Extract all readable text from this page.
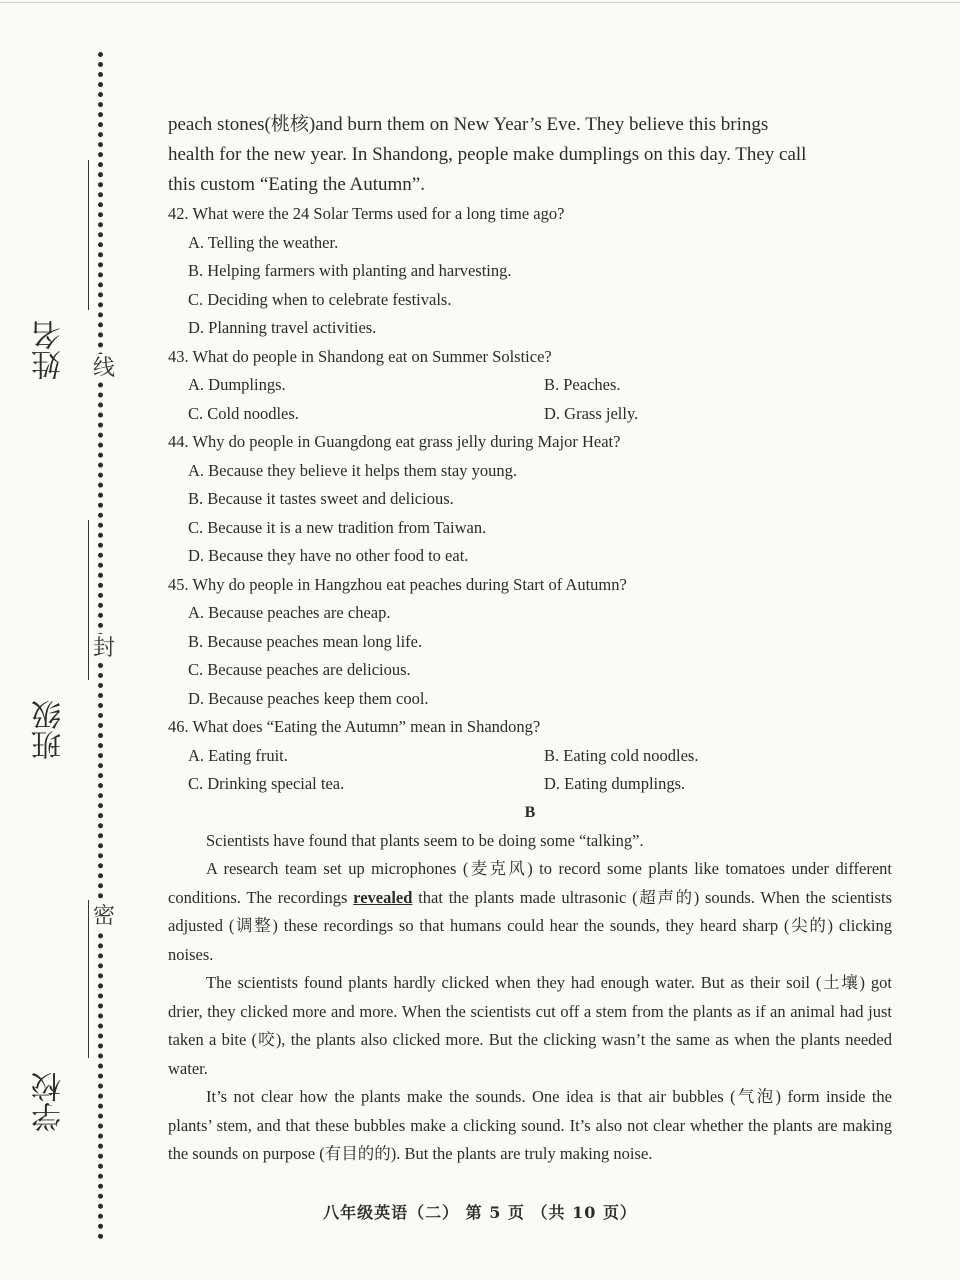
线
封
密
姓名
班级
学校

peach stones(桃核)and burn them on New Year’s Eve. They believe this brings

health for the new year. In Shandong, people make dumplings on this day. They call

this custom “Eating the Autumn”.

42. What were the 24 Solar Terms used for a long time ago?

A. Telling the weather.

B. Helping farmers with planting and harvesting.

C. Deciding when to celebrate festivals.

D. Planning travel activities.

43. What do people in Shandong eat on Summer Solstice?

A. Dumplings.	B. Peaches.
C. Cold noodles.	D. Grass jelly.

44. Why do people in Guangdong eat grass jelly during Major Heat?

A. Because they believe it helps them stay young.

B. Because it tastes sweet and delicious.

C. Because it is a new tradition from Taiwan.

D. Because they have no other food to eat.

45. Why do people in Hangzhou eat peaches during Start of Autumn?

A. Because peaches are cheap.

B. Because peaches mean long life.

C. Because peaches are delicious.

D. Because peaches keep them cool.

46. What does “Eating the Autumn” mean in Shandong?

A. Eating fruit.	B. Eating cold noodles.
C. Drinking special tea.	D. Eating dumplings.

B

Scientists have found that plants seem to be doing some “talking”.

A research team set up microphones (麦克风) to record some plants like tomatoes under different conditions. The recordings revealed that the plants made ultrasonic (超声的) sounds. When the scientists adjusted (调整) these recordings so that humans could hear the sounds, they heard sharp (尖的) clicking noises.

The scientists found plants hardly clicked when they had enough water. But as their soil (土壤) got drier, they clicked more and more. When the scientists cut off a stem from the plants as if an animal had just taken a bite (咬), the plants also clicked more. But the clicking wasn’t the same as when the plants needed water.

It’s not clear how the plants make the sounds. One idea is that air bubbles (气泡) form inside the plants’ stem, and that these bubbles make a clicking sound. It’s also not clear whether the plants are making the sounds on purpose (有目的的). But the plants are truly making noise.

八年级英语（二） 第 5 页 （共 10 页）
